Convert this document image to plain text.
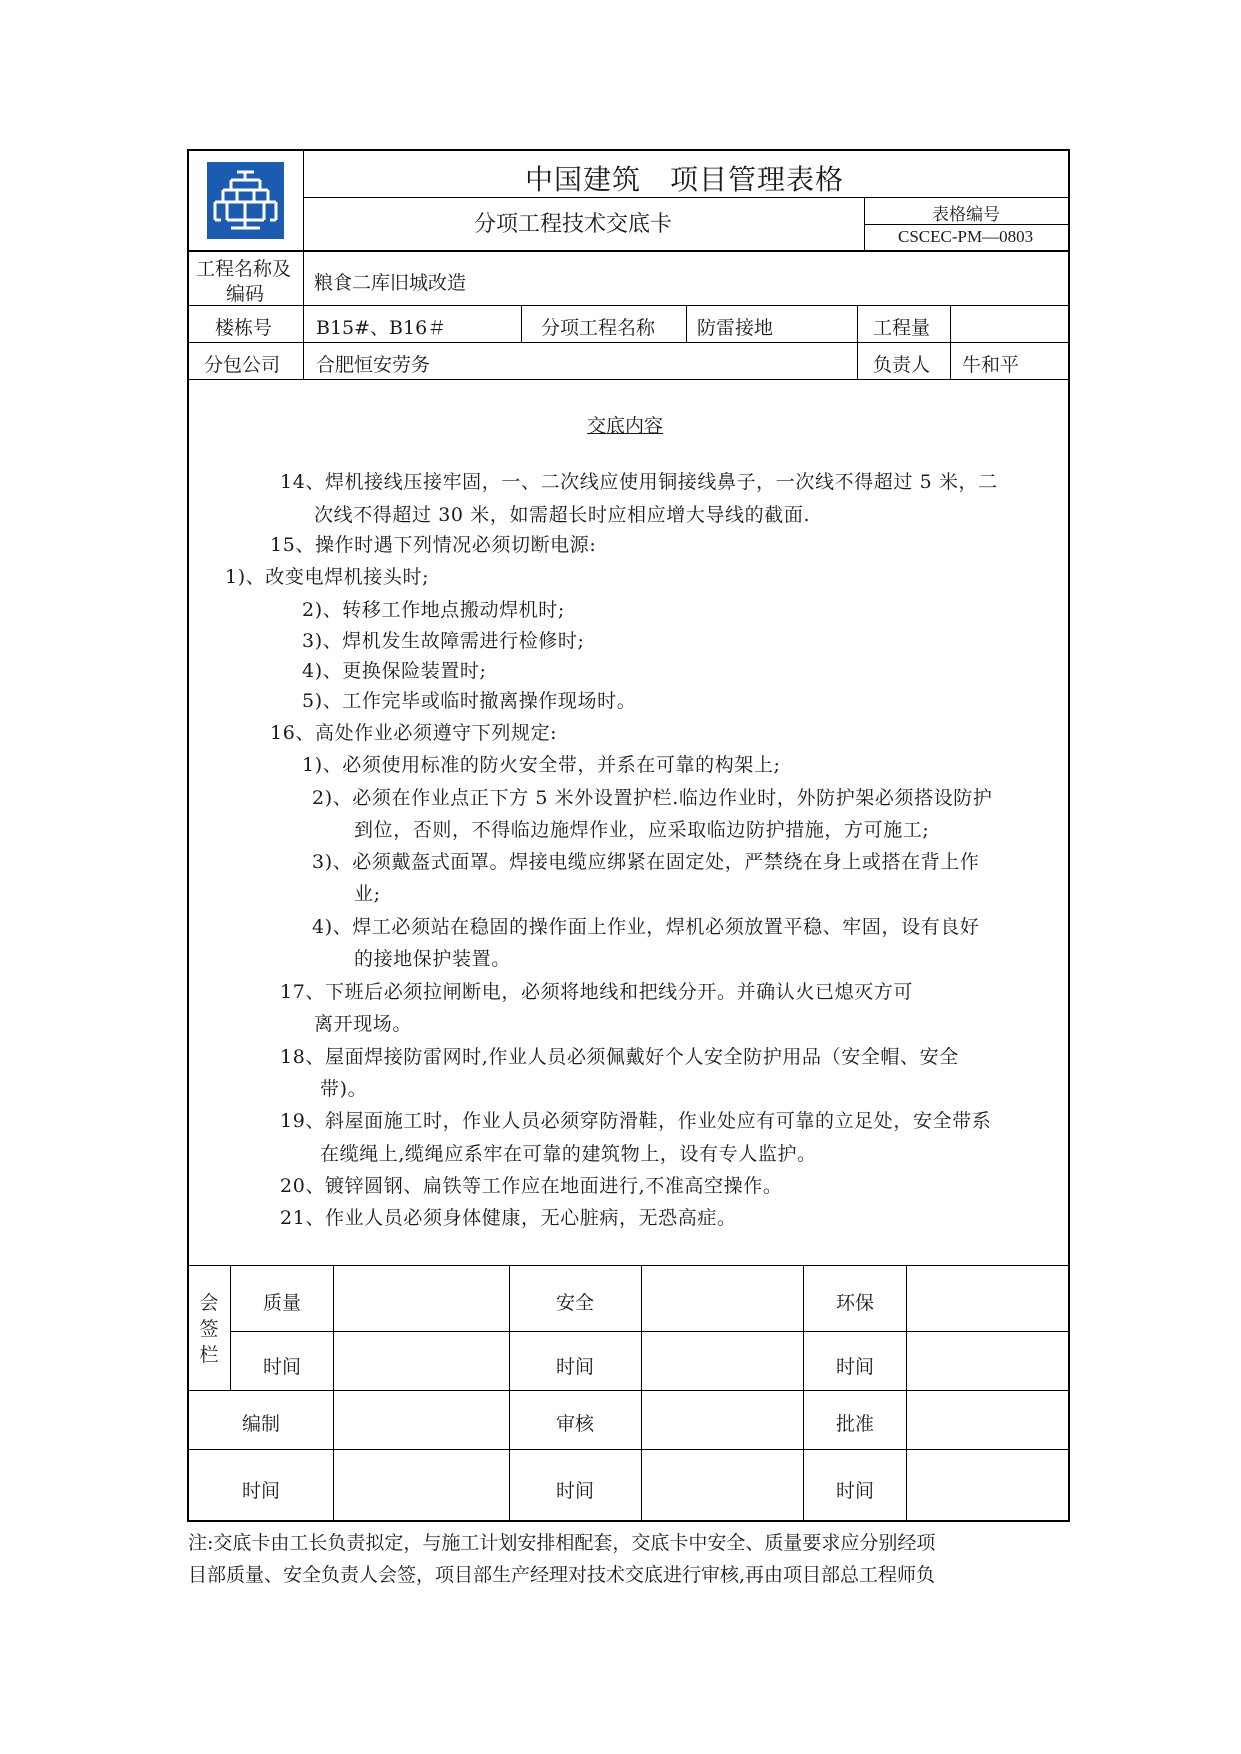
中国建筑　项目管理表格
分项工程技术交底卡	表格编号
CSCEC-PM—0803
工程名称及
编码	粮食二库旧城改造
楼栋号 B15#、B16＃	分项工程名称 防雷接地	工程量
分包公司 合肥恒安劳务	负责人 牛和平
交底内容
14、焊机接线压接牢固，一、二次线应使用铜接线鼻子，一次线不得超过 5 米，二
次线不得超过 30 米，如需超长时应相应增大导线的截面.
15、操作时遇下列情况必须切断电源:
1)、改变电焊机接头时;
2)、转移工作地点搬动焊机时;
3)、焊机发生故障需进行检修时;
4)、更换保险装置时;
5)、工作完毕或临时撤离操作现场时。
16、高处作业必须遵守下列规定:
1)、必须使用标准的防火安全带，并系在可靠的构架上;
2)、必须在作业点正下方 5 米外设置护栏.临边作业时，外防护架必须搭设防护
到位，否则，不得临边施焊作业，应采取临边防护措施，方可施工;
3)、必须戴盔式面罩。焊接电缆应绑紧在固定处，严禁绕在身上或搭在背上作
业;
4)、焊工必须站在稳固的操作面上作业，焊机必须放置平稳、牢固，设有良好
的接地保护装置。
17、下班后必须拉闸断电，必须将地线和把线分开。并确认火已熄灭方可
离开现场。
18、屋面焊接防雷网时,作业人员必须佩戴好个人安全防护用品（安全帽、安全
带)。
19、斜屋面施工时，作业人员必须穿防滑鞋，作业处应有可靠的立足处，安全带系
在缆绳上,缆绳应系牢在可靠的建筑物上，设有专人监护。
20、镀锌圆钢、扁铁等工作应在地面进行,不准高空操作。
21、作业人员必须身体健康，无心脏病，无恐高症。
会签栏
质量	安全	环保
时间	时间	时间
编制	审核	批准
时间	时间	时间
注:交底卡由工长负责拟定，与施工计划安排相配套，交底卡中安全、质量要求应分别经项
目部质量、安全负责人会签，项目部生产经理对技术交底进行审核,再由项目部总工程师负
